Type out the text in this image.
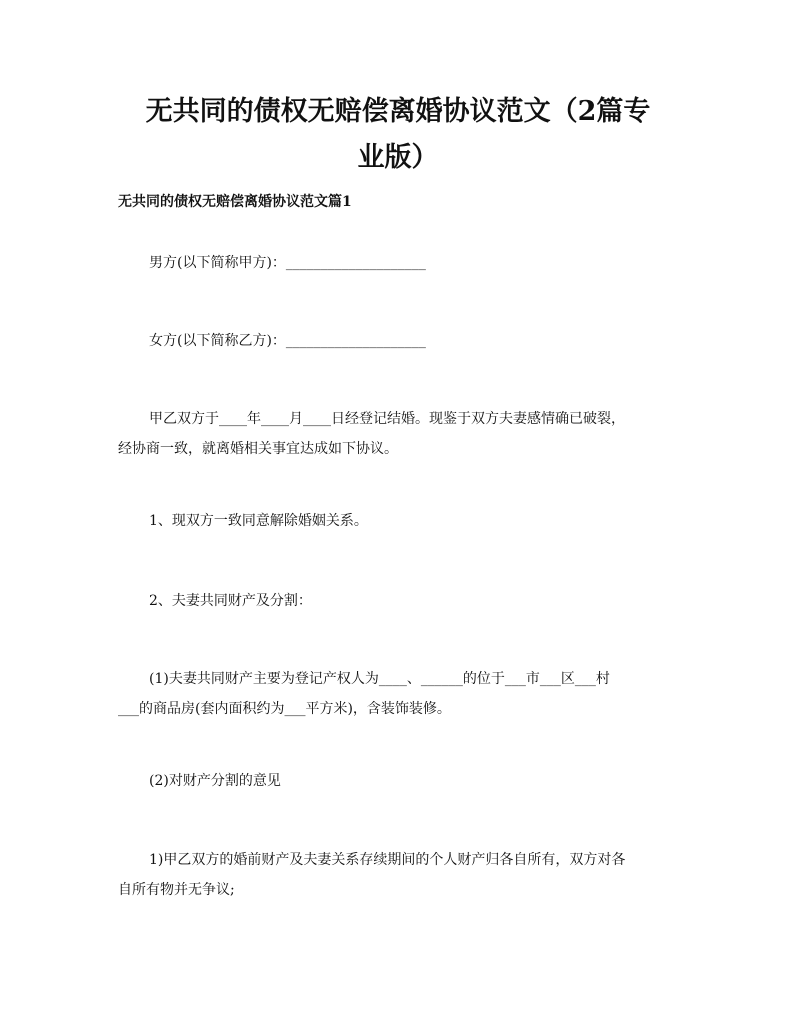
无共同的债权无赔偿离婚协议范文（2篇专
业版）
无共同的债权无赔偿离婚协议范文篇1

男方(以下简称甲方)：____________________

女方(以下简称乙方)：____________________

甲乙双方于____年____月____日经登记结婚。现鉴于双方夫妻感情确已破裂，
经协商一致，就离婚相关事宜达成如下协议。

1、现双方一致同意解除婚姻关系。

2、夫妻共同财产及分割：

(1)夫妻共同财产主要为登记产权人为____、______的位于___市___区___村
___的商品房(套内面积约为___平方米)，含装饰装修。

(2)对财产分割的意见

1)甲乙双方的婚前财产及夫妻关系存续期间的个人财产归各自所有，双方对各
自所有物并无争议;
